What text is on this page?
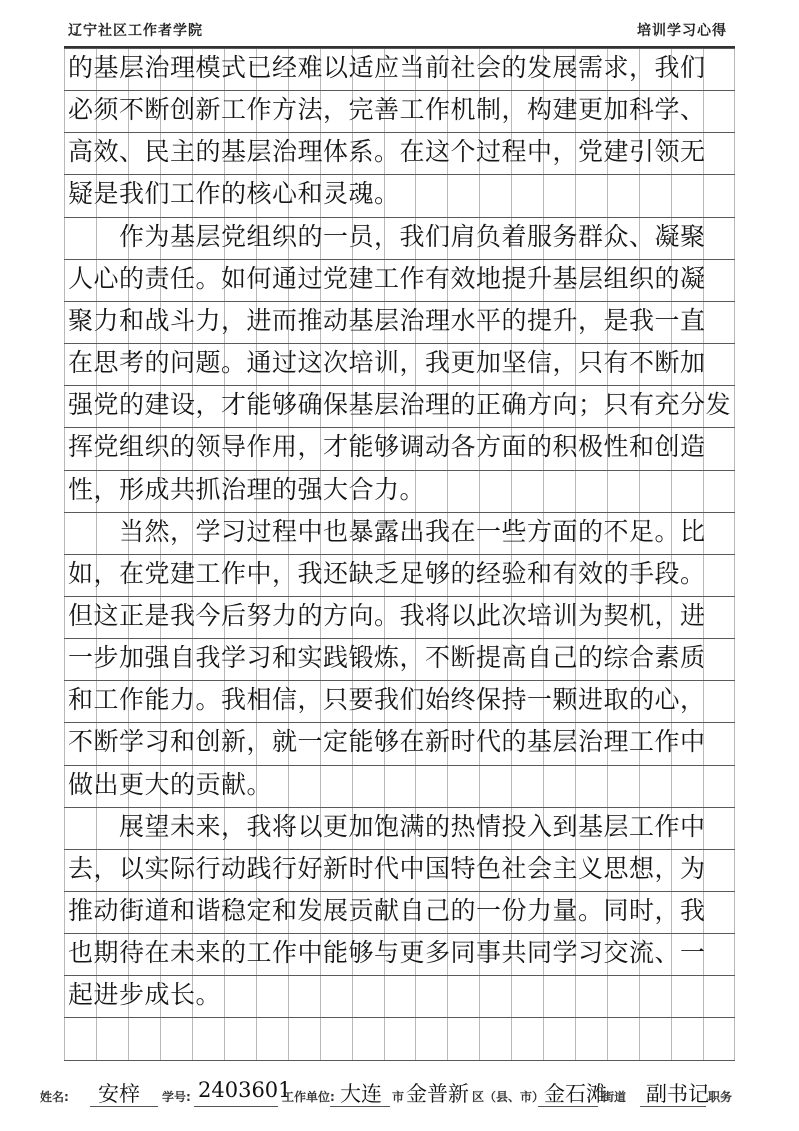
辽宁社区工作者学院	培训学习心得
的基层治理模式已经难以适应当前社会的发展需求，我们
必须不断创新工作方法，完善工作机制，构建更加科学、
高效、民主的基层治理体系。在这个过程中，党建引领无
疑是我们工作的核心和灵魂。
　　作为基层党组织的一员，我们肩负着服务群众、凝聚
人心的责任。如何通过党建工作有效地提升基层组织的凝
聚力和战斗力，进而推动基层治理水平的提升，是我一直
在思考的问题。通过这次培训，我更加坚信，只有不断加
强党的建设，才能够确保基层治理的正确方向；只有充分发
挥党组织的领导作用，才能够调动各方面的积极性和创造
性，形成共抓治理的强大合力。
　　当然，学习过程中也暴露出我在一些方面的不足。比
如，在党建工作中，我还缺乏足够的经验和有效的手段。
但这正是我今后努力的方向。我将以此次培训为契机，进
一步加强自我学习和实践锻炼，不断提高自己的综合素质
和工作能力。我相信，只要我们始终保持一颗进取的心，
不断学习和创新，就一定能够在新时代的基层治理工作中
做出更大的贡献。
　　展望未来，我将以更加饱满的热情投入到基层工作中
去，以实际行动践行好新时代中国特色社会主义思想，为
推动街道和谐稳定和发展贡献自己的一份力量。同时，我
也期待在未来的工作中能够与更多同事共同学习交流、一
起进步成长。
姓名: 安梓 学号: 2403601
工作单位: 大连 市 金普新 区（县、市） 金石滩
街道 副书记 职务
